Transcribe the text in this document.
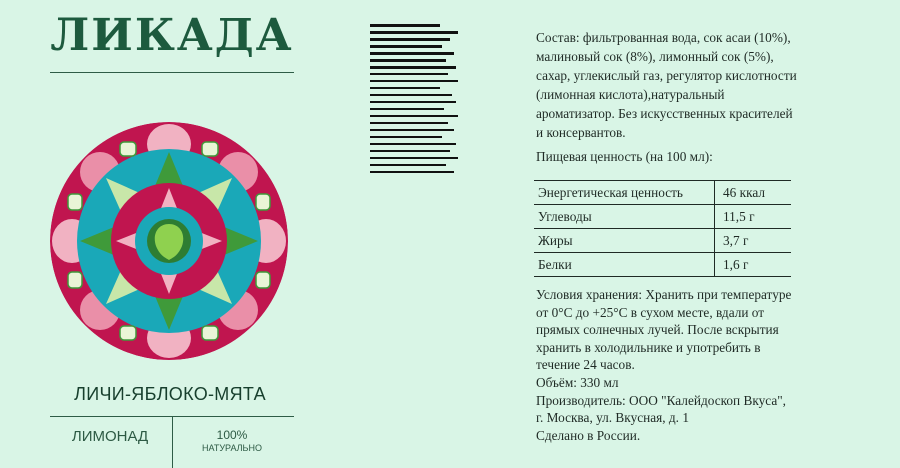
ЛИКАДА
ЛИЧИ-ЯБЛОКО-МЯТА
ЛИМОНАД	100%
НАТУРАЛЬНО
Состав: фильтрованная вода, сок асаи (10%), малиновый сок (8%), лимонный сок (5%), сахар, углекислый газ, регулятор кислотности (лимонная кислота),натуральный ароматизатор. Без искусственных красителей и консервантов.
Пищевая ценность (на 100 мл):
Энергетическая ценность	46 ккал
Углеводы	11,5 г
Жиры	3,7 г
Белки	1,6 г
Условия хранения: Хранить при температуре от 0°С до +25°С в сухом месте, вдали от прямых солнечных лучей. После вскрытия хранить в холодильнике и употребить в течение 24 часов.
Объём: 330 мл
Производитель: ООО "Калейдоскоп Вкуса", г. Москва, ул. Вкусная, д. 1
Сделано в России.
